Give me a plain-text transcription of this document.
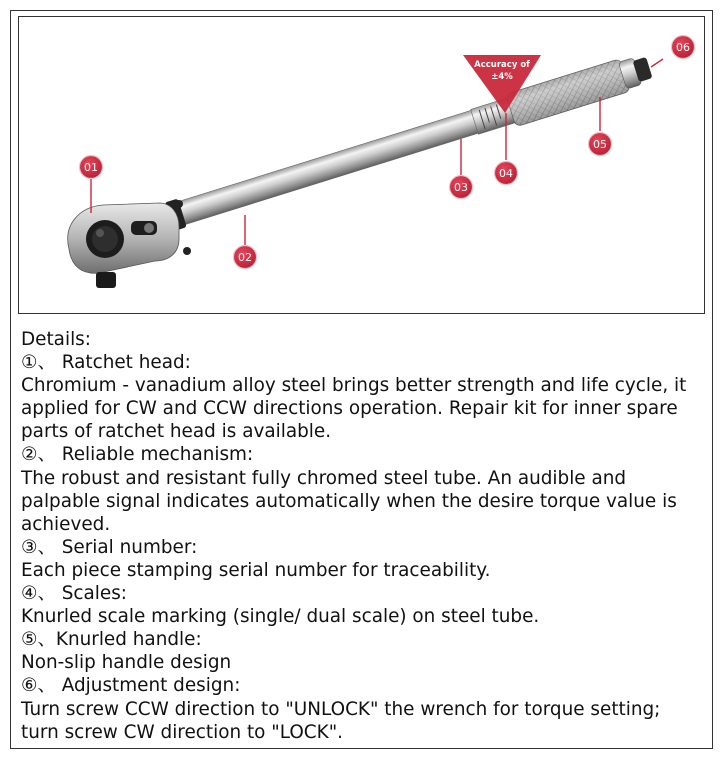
Accuracy of
±4%
01
02
03
04
05
06

Details:

①、 Ratchet head:

Chromium - vanadium alloy steel brings better strength and life cycle, it

applied for CW and CCW directions operation. Repair kit for inner spare

parts of ratchet head is available.

②、 Reliable mechanism:

The robust and resistant fully chromed steel tube. An audible and

palpable signal indicates automatically when the desire torque value is

achieved.

③、 Serial number:

Each piece stamping serial number for traceability.

④、 Scales:

Knurled scale marking (single/ dual scale) on steel tube.

⑤、Knurled handle:

Non-slip handle design

⑥、 Adjustment design:

Turn screw CCW direction to "UNLOCK" the wrench for torque setting;

turn screw CW direction to "LOCK".
